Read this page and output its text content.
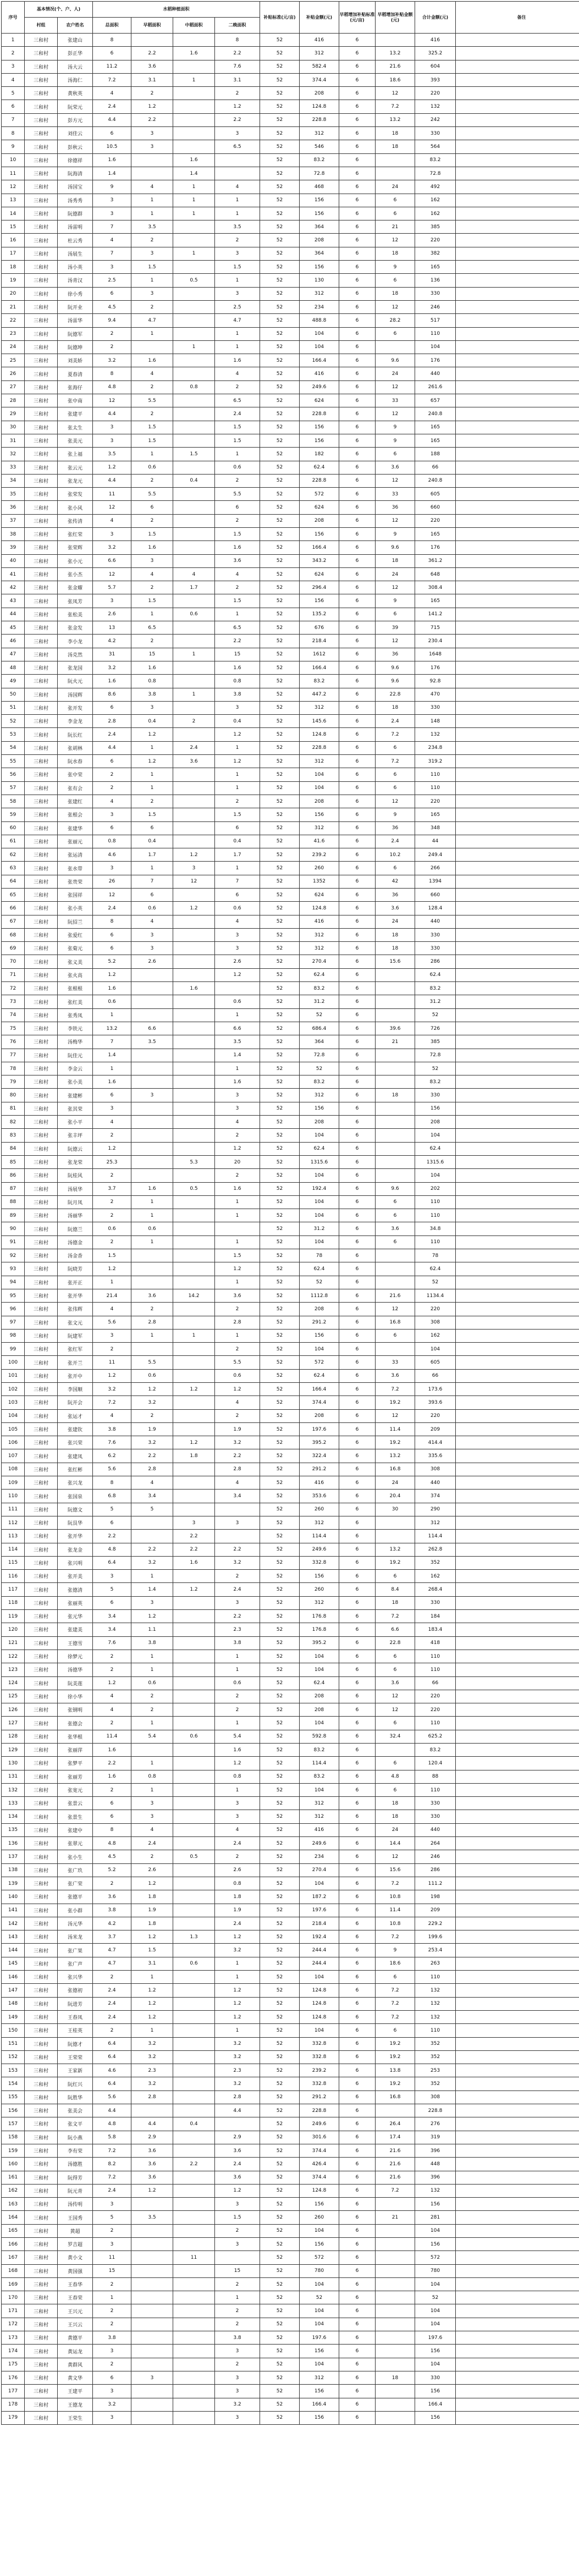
序号	基本情况(个、户、人)		水稻种植面积				补贴标准(元/亩)	补贴金额(元)	早稻增加补贴标准(元/亩)	早稻增加补贴金额(元)	合计金额(元)	备注
	村组	农户姓名	总面积	早稻面积	中稻面积	二晚面积						
1	三和村	张建山	8			8	52	416	6		416	
2	三和村	彭正华	6	2.2	1.6	2.2	52	312	6	13.2	325.2	
3	三和村	汤大云	11.2	3.6		7.6	52	582.4	6	21.6	604	
4	三和村	汤海仁	7.2	3.1	1	3.1	52	374.4	6	18.6	393	
5	三和村	黄秋英	4	2		2	52	208	6	12	220	
6	三和村	阮荣元	2.4	1.2		1.2	52	124.8	6	7.2	132	
7	三和村	彭方元	4.4	2.2		2.2	52	228.8	6	13.2	242	
8	三和村	刘佳云	6	3		3	52	312	6	18	330	
9	三和村	彭秋云	10.5	3		6.5	52	546	6	18	564	
10	三和村	徐德祥	1.6		1.6		52	83.2	6		83.2	
11	三和村	阮海清	1.4		1.4		52	72.8	6		72.8	
12	三和村	汤国宝	9	4	1	4	52	468	6	24	492	
13	三和村	汤秀秀	3	1	1	1	52	156	6	6	162	
14	三和村	阮德群	3	1	1	1	52	156	6	6	162	
15	三和村	汤雷明	7	3.5		3.5	52	364	6	21	385	
16	三和村	杜云秀	4	2		2	52	208	6	12	220	
17	三和村	汤展生	7	3	1	3	52	364	6	18	382	
18	三和村	汤小英	3	1.5		1.5	52	156	6	9	165	
19	三和村	汤青汉	2.5	1	0.5	1	52	130	6	6	136	
20	三和村	徐小秀	6	3		3	52	312	6	18	330	
21	三和村	阮开业	4.5	2		2.5	52	234	6	12	246	
22	三和村	汤雷华	9.4	4.7		4.7	52	488.8	6	28.2	517	
23	三和村	阮德军	2	1		1	52	104	6	6	110	
24	三和村	阮德坤	2		1	1	52	104	6		104	
25	三和村	刘美娇	3.2	1.6		1.6	52	166.4	6	9.6	176	
26	三和村	夏春清	8	4		4	52	416	6	24	440	
27	三和村	张海仔	4.8	2	0.8	2	52	249.6	6	12	261.6	
28	三和村	张中南	12	5.5		6.5	52	624	6	33	657	
29	三和村	张建平	4.4	2		2.4	52	228.8	6	12	240.8	
30	三和村	张太生	3	1.5		1.5	52	156	6	9	165	
31	三和村	张美元	3	1.5		1.5	52	156	6	9	165	
32	三和村	张上福	3.5	1	1.5	1	52	182	6	6	188	
33	三和村	张云元	1.2	0.6		0.6	52	62.4	6	3.6	66	
34	三和村	张龙元	4.4	2	0.4	2	52	228.8	6	12	240.8	
35	三和村	张荣发	11	5.5		5.5	52	572	6	33	605	
36	三和村	张小风	12	6		6	52	624	6	36	660	
37	三和村	张传清	4	2		2	52	208	6	12	220	
38	三和村	张红荣	3	1.5		1.5	52	156	6	9	165	
39	三和村	张荣辉	3.2	1.6		1.6	52	166.4	6	9.6	176	
40	三和村	张小元	6.6	3		3.6	52	343.2	6	18	361.2	
41	三和村	张小杰	12	4	4	4	52	624	6	24	648	
42	三和村	张金耀	5.7	2	1.7	2	52	296.4	6	12	308.4	
43	三和村	张凤芳	3	1.5		1.5	52	156	6	9	165	
44	三和村	张松美	2.6	1	0.6	1	52	135.2	6	6	141.2	
45	三和村	张金发	13	6.5		6.5	52	676	6	39	715	
46	三和村	李小龙	4.2	2		2.2	52	218.4	6	12	230.4	
47	三和村	汤克然	31	15	1	15	52	1612	6	36	1648	
48	三和村	张龙国	3.2	1.6		1.6	52	166.4	6	9.6	176	
49	三和村	阮火元	1.6	0.8		0.8	52	83.2	6	9.6	92.8	
50	三和村	汤国辉	8.6	3.8	1	3.8	52	447.2	6	22.8	470	
51	三和村	张开发	6	3		3	52	312	6	18	330	
52	三和村	李金龙	2.8	0.4	2	0.4	52	145.6	6	2.4	148	
53	三和村	阮长红	2.4	1.2		1.2	52	124.8	6	7.2	132	
54	三和村	张胡林	4.4	1	2.4	1	52	228.8	6	6	234.8	
55	三和村	阮水春	6	1.2	3.6	1.2	52	312	6	7.2	319.2	
56	三和村	张中荣	2	1		1	52	104	6	6	110	
57	三和村	张有会	2	1		1	52	104	6	6	110	
58	三和村	张建红	4	2		2	52	208	6	12	220	
59	三和村	张根会	3	1.5		1.5	52	156	6	9	165	
60	三和村	张建华	6	6		6	52	312	6	36	348	
61	三和村	张丽元	0.8	0.4		0.4	52	41.6	6	2.4	44	
62	三和村	张运清	4.6	1.7	1.2	1.7	52	239.2	6	10.2	249.4	
63	三和村	张水带	3	1	3	1	52	260	6	6	266	
64	三和村	张贵荣	26	7	12	7	52	1352	6	42	1394	
65	三和村	张国祥	12	6		6	52	624	6	36	660	
66	三和村	张小英	2.4	0.6	1.2	0.6	52	124.8	6	3.6	128.4	
67	三和村	阮招兰	8	4		4	52	416	6	24	440	
68	三和村	张爱红	6	3		3	52	312	6	18	330	
69	三和村	张菊元	6	3		3	52	312	6	18	330	
70	三和村	张义美	5.2	2.6		2.6	52	270.4	6	15.6	286	
71	三和村	张火高	1.2			1.2	52	62.4	6		62.4	
72	三和村	张根根	1.6		1.6		52	83.2	6		83.2	
73	三和村	张红美	0.6			0.6	52	31.2	6		31.2	
74	三和村	张秀凤	1			1	52	52	6		52	
75	三和村	李铁元	13.2	6.6		6.6	52	686.4	6	39.6	726	
76	三和村	汤梅华	7	3.5		3.5	52	364	6	21	385	
77	三和村	阮佳元	1.4			1.4	52	72.8	6		72.8	
78	三和村	李金云	1			1	52	52	6		52	
79	三和村	张小美	1.6			1.6	52	83.2	6		83.2	
80	三和村	张建彬	6	3		3	52	312	6	18	330	
81	三和村	张其荣	3			3	52	156	6		156	
82	三和村	张小平	4			4	52	208	6		208	
83	三和村	张丰坪	2			2	52	104	6		104	
84	三和村	阮德云	1.2			1.2	52	62.4	6		62.4	
85	三和村	张龙荣	25.3		5.3	20	52	1315.6	6		1315.6	
86	三和村	阮桂风	2			2	52	104	6		104	
87	三和村	汤展华	3.7	1.6	0.5	1.6	52	192.4	6	9.6	202	
88	三和村	阮月凤	2	1		1	52	104	6	6	110	
89	三和村	汤丽华	2	1		1	52	104	6	6	110	
90	三和村	阮德兰	0.6	0.6			52	31.2	6	3.6	34.8	
91	三和村	汤德金	2	1		1	52	104	6	6	110	
92	三和村	汤金香	1.5			1.5	52	78	6		78	
93	三和村	阮晓芳	1.2			1.2	52	62.4	6		62.4	
94	三和村	张开正	1			1	52	52	6		52	
95	三和村	张开华	21.4	3.6	14.2	3.6	52	1112.8	6	21.6	1134.4	
96	三和村	张伟辉	4	2		2	52	208	6	12	220	
97	三和村	张文元	5.6	2.8		2.8	52	291.2	6	16.8	308	
98	三和村	阮建军	3	1	1	1	52	156	6	6	162	
99	三和村	张红军	2			2	52	104	6		104	
100	三和村	张开兰	11	5.5		5.5	52	572	6	33	605	
101	三和村	张开中	1.2	0.6		0.6	52	62.4	6	3.6	66	
102	三和村	李国顺	3.2	1.2	1.2	1.2	52	166.4	6	7.2	173.6	
103	三和村	阮开会	7.2	3.2		4	52	374.4	6	19.2	393.6	
104	三和村	张运才	4	2		2	52	208	6	12	220	
105	三和村	张建钦	3.8	1.9		1.9	52	197.6	6	11.4	209	
106	三和村	张兴荣	7.6	3.2	1.2	3.2	52	395.2	6	19.2	414.4	
107	三和村	张建凤	6.2	2.2	1.8	2.2	52	322.4	6	13.2	335.6	
108	三和村	张红彬	5.6	2.8		2.8	52	291.2	6	16.8	308	
109	三和村	张兴龙	8	4		4	52	416	6	24	440	
110	三和村	张国泉	6.8	3.4		3.4	52	353.6	6	20.4	374	
111	三和村	阮德文	5	5			52	260	6	30	290	
112	三和村	阮艮华	6		3	3	52	312	6		312	
113	三和村	张开华	2.2		2.2		52	114.4	6		114.4	
114	三和村	张龙金	4.8	2.2	2.2	2.2	52	249.6	6	13.2	262.8	
115	三和村	张兴明	6.4	3.2	1.6	3.2	52	332.8	6	19.2	352	
116	三和村	张开美	3	1		2	52	156	6	6	162	
117	三和村	张德清	5	1.4	1.2	2.4	52	260	6	8.4	268.4	
118	三和村	张丽英	6	3		3	52	312	6	18	330	
119	三和村	张元华	3.4	1.2		2.2	52	176.8	6	7.2	184	
120	三和村	张建美	3.4	1.1		2.3	52	176.8	6	6.6	183.4	
121	三和村	王德雪	7.6	3.8		3.8	52	395.2	6	22.8	418	
122	三和村	徐梦元	2	1		1	52	104	6	6	110	
123	三和村	汤德华	2	1		1	52	104	6	6	110	
124	三和村	阮美莲	1.2	0.6		0.6	52	62.4	6	3.6	66	
125	三和村	徐小华	4	2		2	52	208	6	12	220	
126	三和村	张钢明	4	2		2	52	208	6	12	220	
127	三和村	张德会	2	1		1	52	104	6	6	110	
128	三和村	张华根	11.4	5.4	0.6	5.4	52	592.8	6	32.4	625.2	
129	三和村	张丽萍	1.6			1.6	52	83.2	6		83.2	
130	三和村	张梦平	2.2	1		1.2	52	114.4	6	6	120.4	
131	三和村	张丽芳	1.6	0.8		0.8	52	83.2	6	4.8	88	
132	三和村	张宽元	2	1		1	52	104	6	6	110	
133	三和村	张景云	6	3		3	52	312	6	18	330	
134	三和村	张景生	6	3		3	52	312	6	18	330	
135	三和村	张建中	8	4		4	52	416	6	24	440	
136	三和村	张翠元	4.8	2.4		2.4	52	249.6	6	14.4	264	
137	三和村	张小生	4.5	2	0.5	2	52	234	6	12	246	
138	三和村	张广玖	5.2	2.6		2.6	52	270.4	6	15.6	286	
139	三和村	张广荣	2	1.2		0.8	52	104	6	7.2	111.2	
140	三和村	张德平	3.6	1.8		1.8	52	187.2	6	10.8	198	
141	三和村	张小群	3.8	1.9		1.9	52	197.6	6	11.4	209	
142	三和村	汤元华	4.2	1.8		2.4	52	218.4	6	10.8	229.2	
143	三和村	汤米龙	3.7	1.2	1.3	1.2	52	192.4	6	7.2	199.6	
144	三和村	张广果	4.7	1.5		3.2	52	244.4	6	9	253.4	
145	三和村	张广声	4.7	3.1	0.6	1	52	244.4	6	18.6	263	
146	三和村	张兴华	2	1		1	52	104	6	6	110	
147	三和村	张德初	2.4	1.2		1.2	52	124.8	6	7.2	132	
148	三和村	阮进芳	2.4	1.2		1.2	52	124.8	6	7.2	132	
149	三和村	王春凤	2.4	1.2		1.2	52	124.8	6	7.2	132	
150	三和村	王桂英	2	1		1	52	104	6	6	110	
151	三和村	阮德才	6.4	3.2		3.2	52	332.8	6	19.2	352	
152	三和村	王荣荣	6.4	3.2		3.2	52	332.8	6	19.2	352	
153	三和村	王家新	4.6	2.3		2.3	52	239.2	6	13.8	253	
154	三和村	阮红兴	6.4	3.2		3.2	52	332.8	6	19.2	352	
155	三和村	阮胜华	5.6	2.8		2.8	52	291.2	6	16.8	308	
156	三和村	张美会	4.4			4.4	52	228.8	6		228.8	
157	三和村	张文平	4.8	4.4	0.4		52	249.6	6	26.4	276	
158	三和村	阮小燕	5.8	2.9		2.9	52	301.6	6	17.4	319	
159	三和村	李有荣	7.2	3.6		3.6	52	374.4	6	21.6	396	
160	三和村	汤德胜	8.2	3.6	2.2	2.4	52	426.4	6	21.6	448	
161	三和村	阮得芳	7.2	3.6		3.6	52	374.4	6	21.6	396	
162	三和村	阮元青	2.4	1.2		1.2	52	124.8	6	7.2	132	
163	三和村	汤传明	3			3	52	156	6		156	
164	三和村	王国秀	5	3.5		1.5	52	260	6	21	281	
165	三和村	黄超	2			2	52	104	6		104	
166	三和村	罗吉超	3			3	52	156	6		156	
167	三和村	黄小文	11		11		52	572	6		572	
168	三和村	黄国强	15			15	52	780	6		780	
169	三和村	王春华	2			2	52	104	6		104	
170	三和村	王春荣	1			1	52	52	6		52	
171	三和村	王兴元	2			2	52	104	6		104	
172	三和村	王兴云	2			2	52	104	6		104	
173	三和村	黄德平	3.8			3.8	52	197.6	6		197.6	
174	三和村	黄运龙	3			3	52	156	6		156	
175	三和村	黄群风	2			2	52	104	6		104	
176	三和村	黄文华	6	3		3	52	312	6	18	330	
177	三和村	王建平	3			3	52	156	6		156	
178	三和村	王德龙	3.2			3.2	52	166.4	6		166.4	
179	三和村	王荣生	3			3	52	156	6		156	
